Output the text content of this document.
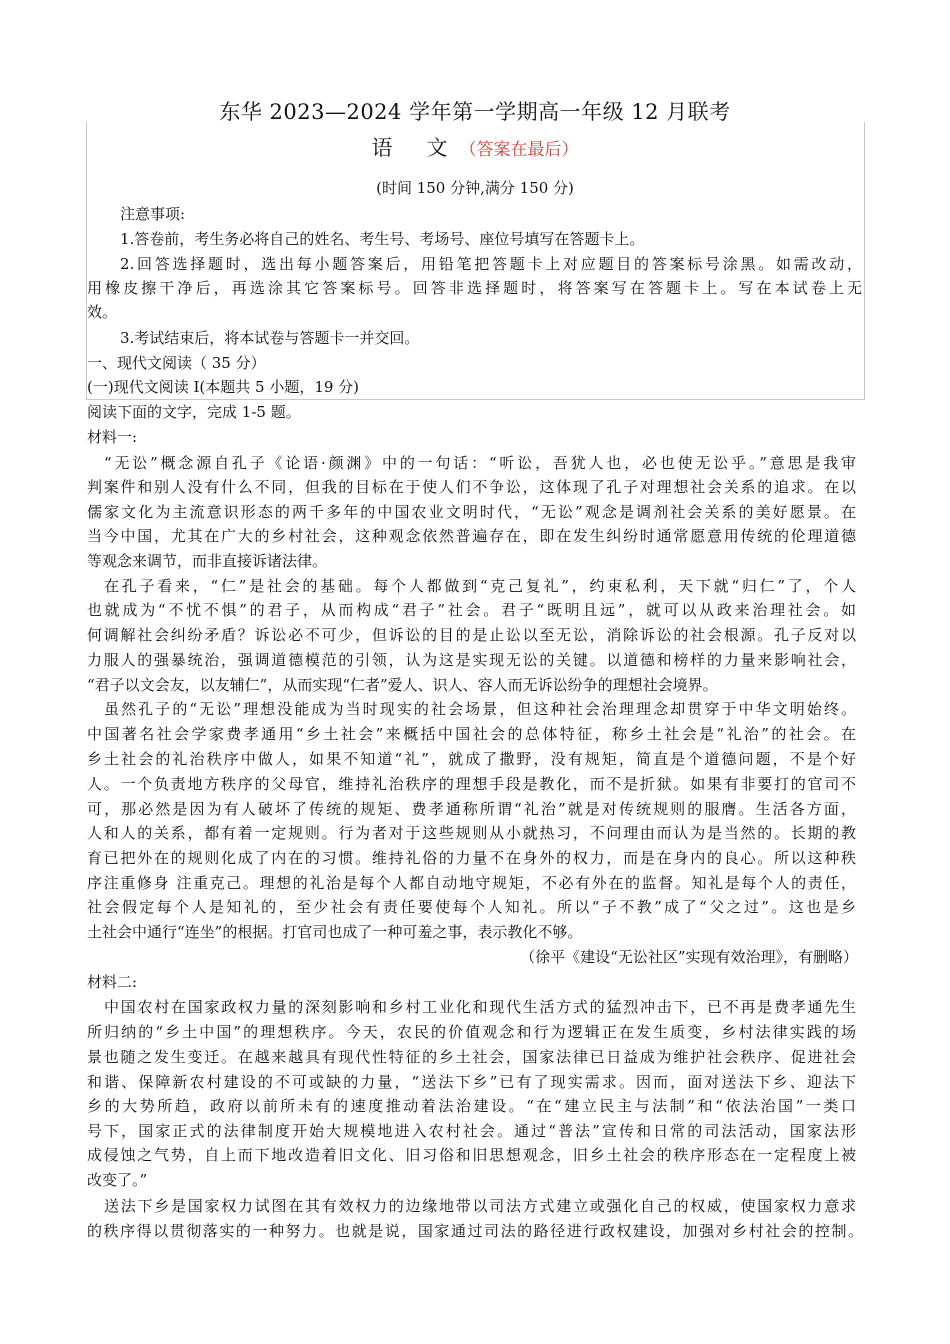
东华 2023—2024 学年第一学期高一年级 12 月联考
语文（答案在最后）
(时间 150 分钟,满分 150 分)
注意事项:
1.答卷前，考生务必将自己的姓名、考生号、考场号、座位号填写在答题卡上。
2.回答选择题时，选出每小题答案后，用铅笔把答题卡上对应题目的答案标号涂黑。如需改动，
用橡皮擦干净后，再选涂其它答案标号。回答非选择题时，将答案写在答题卡上。写在本试卷上无
效。
3.考试结束后，将本试卷与答题卡一并交回。
一、现代文阅读（ 35 分）
(一)现代文阅读 I(本题共 5 小题，19 分)
阅读下面的文字，完成 1-5 题。
材料一:
“无讼”概念源自孔子《论语·颜渊》中的一句话：“听讼，吾犹人也，必也使无讼乎。”意思是我审
判案件和别人没有什么不同，但我的目标在于使人们不争讼，这体现了孔子对理想社会关系的追求。在以
儒家文化为主流意识形态的两千多年的中国农业文明时代，“无讼”观念是调剂社会关系的美好愿景。在
当今中国，尤其在广大的乡村社会，这种观念依然普遍存在，即在发生纠纷时通常愿意用传统的伦理道德
等观念来调节，而非直接诉诸法律。
在孔子看来，“仁”是社会的基础。每个人都做到“克己复礼”，约束私利，天下就“归仁”了，个人
也就成为“不忧不惧”的君子，从而构成“君子”社会。君子“既明且远”，就可以从政来治理社会。如
何调解社会纠纷矛盾？诉讼必不可少，但诉讼的目的是止讼以至无讼，消除诉讼的社会根源。孔子反对以
力服人的强暴统治，强调道德模范的引领，认为这是实现无讼的关键。以道德和榜样的力量来影响社会，
“君子以文会友，以友辅仁”，从而实现“仁者”爱人、识人、容人而无诉讼纷争的理想社会境界。
虽然孔子的“无讼”理想没能成为当时现实的社会场景，但这种社会治理理念却贯穿于中华文明始终。
中国著名社会学家费孝通用“乡土社会”来概括中国社会的总体特征，称乡土社会是“礼治”的社会。在
乡土社会的礼治秩序中做人，如果不知道“礼”，就成了撒野，没有规矩，简直是个道德问题，不是个好
人。一个负责地方秩序的父母官，维持礼治秩序的理想手段是教化，而不是折狱。如果有非要打的官司不
可，那必然是因为有人破坏了传统的规矩、费孝通称所谓“礼治”就是对传统规则的服膺。生活各方面，
人和人的关系，都有着一定规则。行为者对于这些规则从小就热习，不问理由而认为是当然的。长期的教
育已把外在的规则化成了内在的习惯。维持礼俗的力量不在身外的权力，而是在身内的良心。所以这种秩
序注重修身 注重克己。理想的礼治是每个人都自动地守规矩，不必有外在的监督。知礼是每个人的责任，
社会假定每个人是知礼的，至少社会有责任要使每个人知礼。所以“子不教”成了“父之过”。这也是乡
土社会中通行“连坐”的根据。打官司也成了一种可羞之事，表示教化不够。
（徐平《建设“无讼社区”实现有效治理》，有删略）
材料二:
中国农村在国家政权力量的深刻影响和乡村工业化和现代生活方式的猛烈冲击下，已不再是费孝通先生
所归纳的“乡土中国”的理想秩序。今天，农民的价值观念和行为逻辑正在发生质变，乡村法律实践的场
景也随之发生变迁。在越来越具有现代性特征的乡土社会，国家法律已日益成为维护社会秩序、促进社会
和谐、保障新农村建设的不可或缺的力量，“送法下乡”已有了现实需求。因而，面对送法下乡、迎法下
乡的大势所趋，政府以前所未有的速度推动着法治建设。“在“建立民主与法制”和“依法治国”一类口
号下，国家正式的法律制度开始大规模地进入农村社会。通过“普法”宣传和日常的司法活动，国家法形
成侵蚀之气势，自上而下地改造着旧文化、旧习俗和旧思想观念，旧乡土社会的秩序形态在一定程度上被
改变了。”
送法下乡是国家权力试图在其有效权力的边缘地带以司法方式建立或强化自己的权威，使国家权力意求
的秩序得以贯彻落实的一种努力。也就是说，国家通过司法的路径进行政权建设，加强对乡村社会的控制。
